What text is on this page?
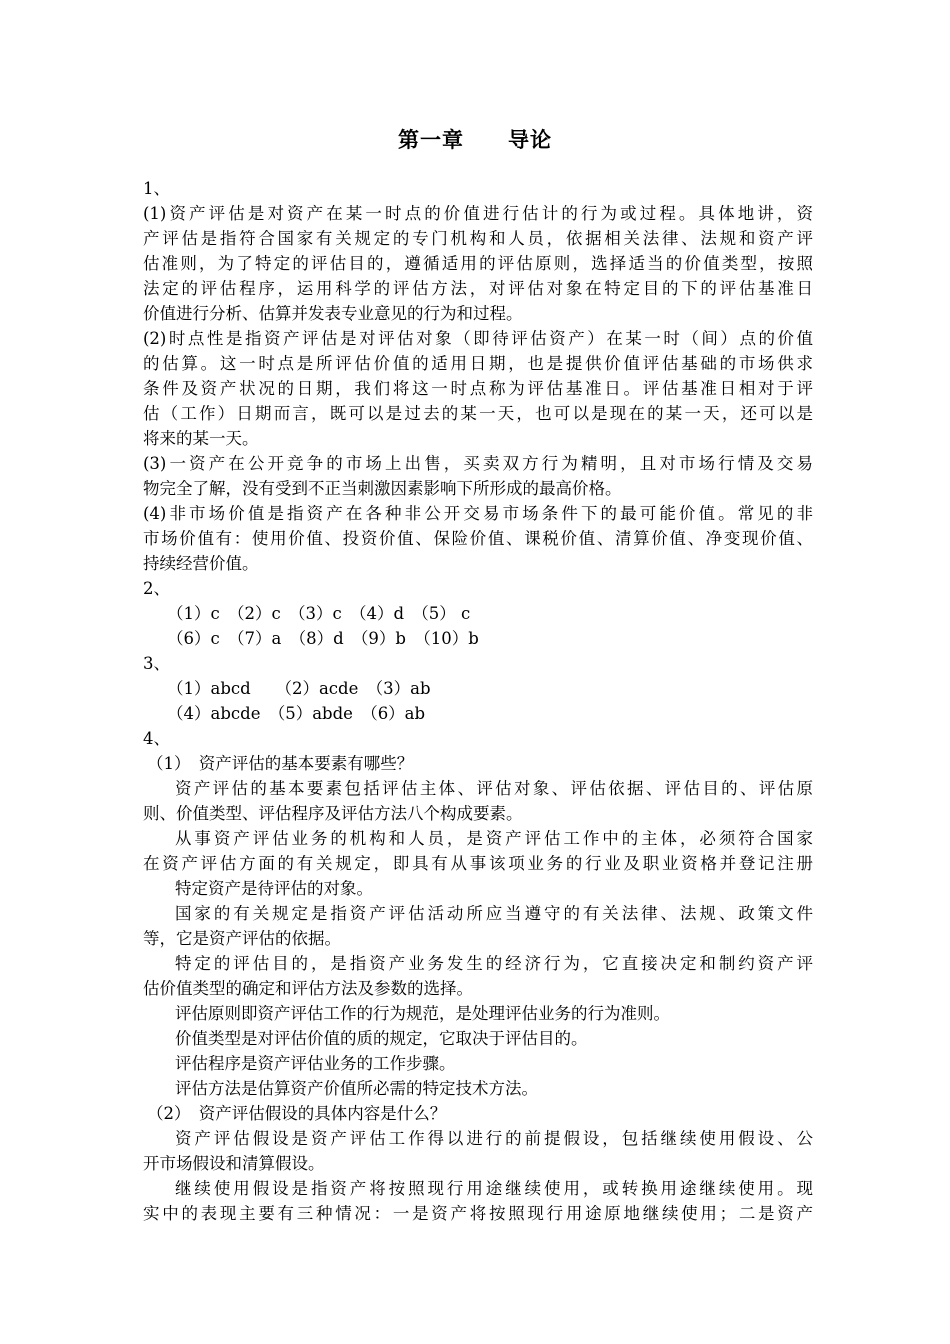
第一章　　导论
1、
(1)资产评估是对资产在某一时点的价值进行估计的行为或过程。具体地讲，资
产评估是指符合国家有关规定的专门机构和人员，依据相关法律、法规和资产评
估准则，为了特定的评估目的，遵循适用的评估原则，选择适当的价值类型，按照
法定的评估程序，运用科学的评估方法，对评估对象在特定目的下的评估基准日
价值进行分析、估算并发表专业意见的行为和过程。
(2)时点性是指资产评估是对评估对象（即待评估资产）在某一时（间）点的价值
的估算。这一时点是所评估价值的适用日期，也是提供价值评估基础的市场供求
条件及资产状况的日期，我们将这一时点称为评估基准日。评估基准日相对于评
估（工作）日期而言，既可以是过去的某一天，也可以是现在的某一天，还可以是
将来的某一天。
(3)一资产在公开竞争的市场上出售，买卖双方行为精明，且对市场行情及交易
物完全了解，没有受到不正当刺激因素影响下所形成的最高价格。
(4)非市场价值是指资产在各种非公开交易市场条件下的最可能价值。常见的非
市场价值有：使用价值、投资价值、保险价值、课税价值、清算价值、净变现价值、
持续经营价值。
2、
（1）c　（2）c　（3）c　（4）d　（5） c
（6）c　（7）a　（8）d　（9）b　（10）b
3、
（1）abcd　　（2）acde　（3）ab
（4）abcde　（5）abde　（6）ab
4、
（1）　资产评估的基本要素有哪些？
资产评估的基本要素包括评估主体、评估对象、评估依据、评估目的、评估原
则、价值类型、评估程序及评估方法八个构成要素。
从事资产评估业务的机构和人员，是资产评估工作中的主体，必须符合国家
在资产评估方面的有关规定，即具有从事该项业务的行业及职业资格并登记注册
特定资产是待评估的对象。
国家的有关规定是指资产评估活动所应当遵守的有关法律、法规、政策文件
等，它是资产评估的依据。
特定的评估目的，是指资产业务发生的经济行为，它直接决定和制约资产评
估价值类型的确定和评估方法及参数的选择。
评估原则即资产评估工作的行为规范，是处理评估业务的行为准则。
价值类型是对评估价值的质的规定，它取决于评估目的。
评估程序是资产评估业务的工作步骤。
评估方法是估算资产价值所必需的特定技术方法。
（2）　资产评估假设的具体内容是什么？
资产评估假设是资产评估工作得以进行的前提假设，包括继续使用假设、公
开市场假设和清算假设。
继续使用假设是指资产将按照现行用途继续使用，或转换用途继续使用。现
实中的表现主要有三种情况：一是资产将按照现行用途原地继续使用；二是资产
